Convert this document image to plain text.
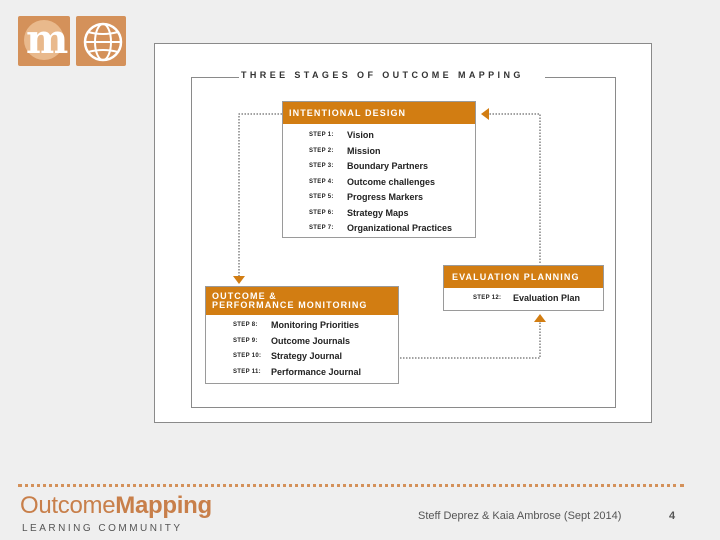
m
THREE STAGES OF OUTCOME MAPPING
INTENTIONAL DESIGN
STEP 1: Vision
STEP 2: Mission
STEP 3: Boundary Partners
STEP 4: Outcome challenges
STEP 5: Progress Markers
STEP 6: Strategy Maps
STEP 7: Organizational Practices
OUTCOME &
PERFORMANCE MONITORING
STEP 8: Monitoring Priorities
STEP 9: Outcome Journals
STEP 10: Strategy Journal
STEP 11: Performance Journal
EVALUATION PLANNING
STEP 12: Evaluation Plan
OutcomeMapping
LEARNING COMMUNITY
Steff Deprez & Kaia Ambrose (Sept 2014)	4
